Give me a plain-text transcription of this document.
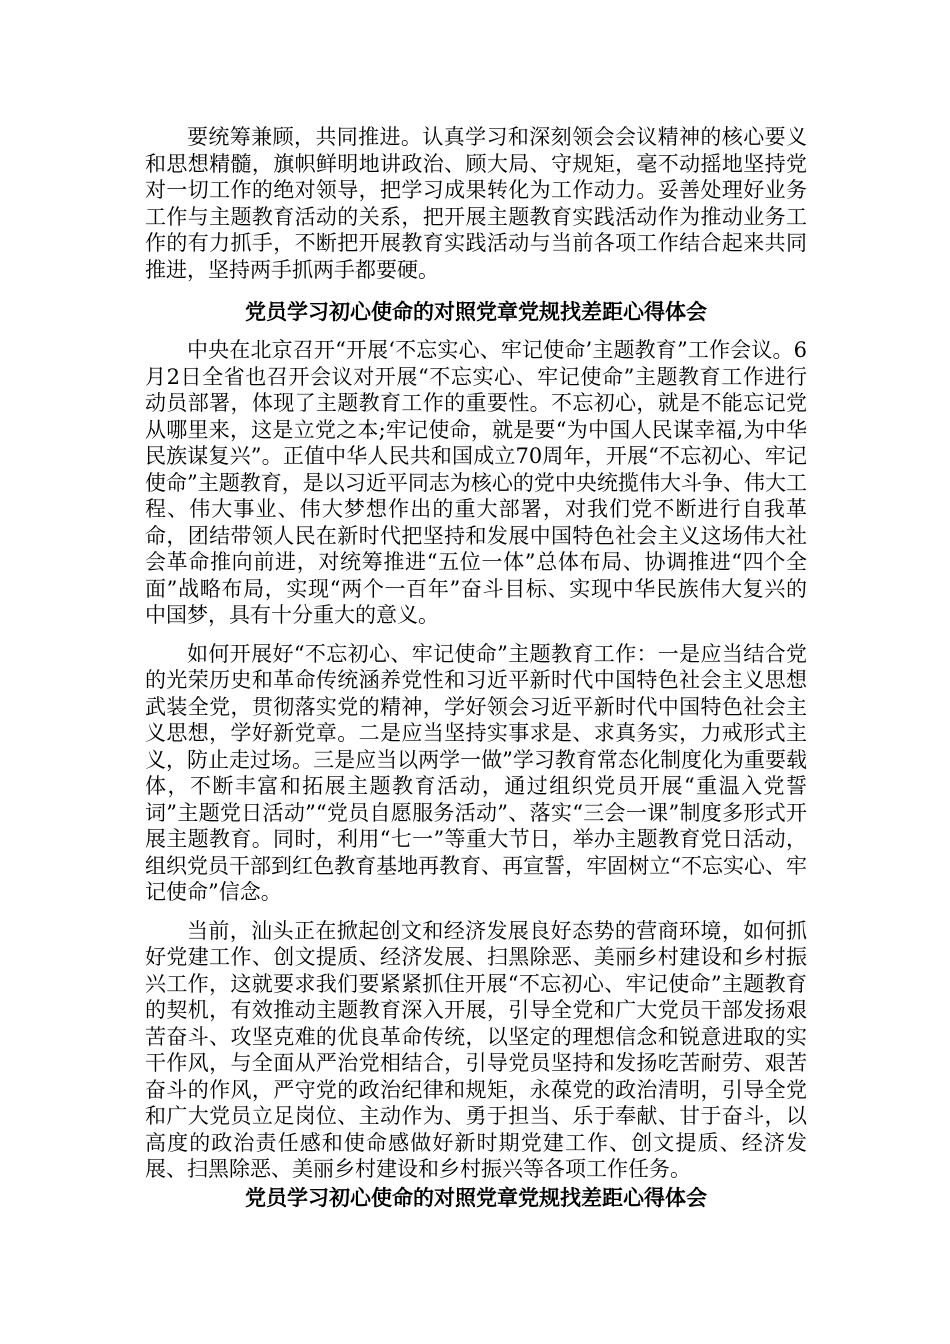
要统筹兼顾，共同推进。认真学习和深刻领会会议精神的核心要义和思想精髓，旗帜鲜明地讲政治、顾大局、守规矩，毫不动摇地坚持党对一切工作的绝对领导，把学习成果转化为工作动力。妥善处理好业务工作与主题教育活动的关系，把开展主题教育实践活动作为推动业务工作的有力抓手，不断把开展教育实践活动与当前各项工作结合起来共同推进，坚持两手抓两手都要硬。

党员学习初心使命的对照党章党规找差距心得体会

中央在北京召开“开展‘不忘实心、牢记使命’主题教育”工作会议。6月2日全省也召开会议对开展“不忘实心、牢记使命”主题教育工作进行动员部署，体现了主题教育工作的重要性。不忘初心，就是不能忘记党从哪里来，这是立党之本;牢记使命，就是要“为中国人民谋幸福,为中华民族谋复兴”。正值中华人民共和国成立70周年，开展“不忘初心、牢记使命”主题教育，是以习近平同志为核心的党中央统揽伟大斗争、伟大工程、伟大事业、伟大梦想作出的重大部署，对我们党不断进行自我革命，团结带领人民在新时代把坚持和发展中国特色社会主义这场伟大社会革命推向前进，对统筹推进“五位一体”总体布局、协调推进“四个全面”战略布局，实现“两个一百年”奋斗目标、实现中华民族伟大复兴的中国梦，具有十分重大的意义。

如何开展好“不忘初心、牢记使命”主题教育工作：一是应当结合党的光荣历史和革命传统涵养党性和习近平新时代中国特色社会主义思想武装全党，贯彻落实党的精神，学好领会习近平新时代中国特色社会主义思想，学好新党章。二是应当坚持实事求是、求真务实，力戒形式主义，防止走过场。三是应当以两学一做”学习教育常态化制度化为重要载体，不断丰富和拓展主题教育活动，通过组织党员开展“重温入党誓词”主题党日活动”“党员自愿服务活动”、落实“三会一课”制度多形式开展主题教育。同时，利用“七一”等重大节日，举办主题教育党日活动，组织党员干部到红色教育基地再教育、再宣誓，牢固树立“不忘实心、牢记使命”信念。

当前，汕头正在掀起创文和经济发展良好态势的营商环境，如何抓好党建工作、创文提质、经济发展、扫黑除恶、美丽乡村建设和乡村振兴工作，这就要求我们要紧紧抓住开展“不忘初心、牢记使命”主题教育的契机，有效推动主题教育深入开展，引导全党和广大党员干部发扬艰苦奋斗、攻坚克难的优良革命传统，以坚定的理想信念和锐意进取的实干作风，与全面从严治党相结合，引导党员坚持和发扬吃苦耐劳、艰苦奋斗的作风，严守党的政治纪律和规矩，永葆党的政治清明，引导全党和广大党员立足岗位、主动作为、勇于担当、乐于奉献、甘于奋斗，以高度的政治责任感和使命感做好新时期党建工作、创文提质、经济发展、扫黑除恶、美丽乡村建设和乡村振兴等各项工作任务。

党员学习初心使命的对照党章党规找差距心得体会
